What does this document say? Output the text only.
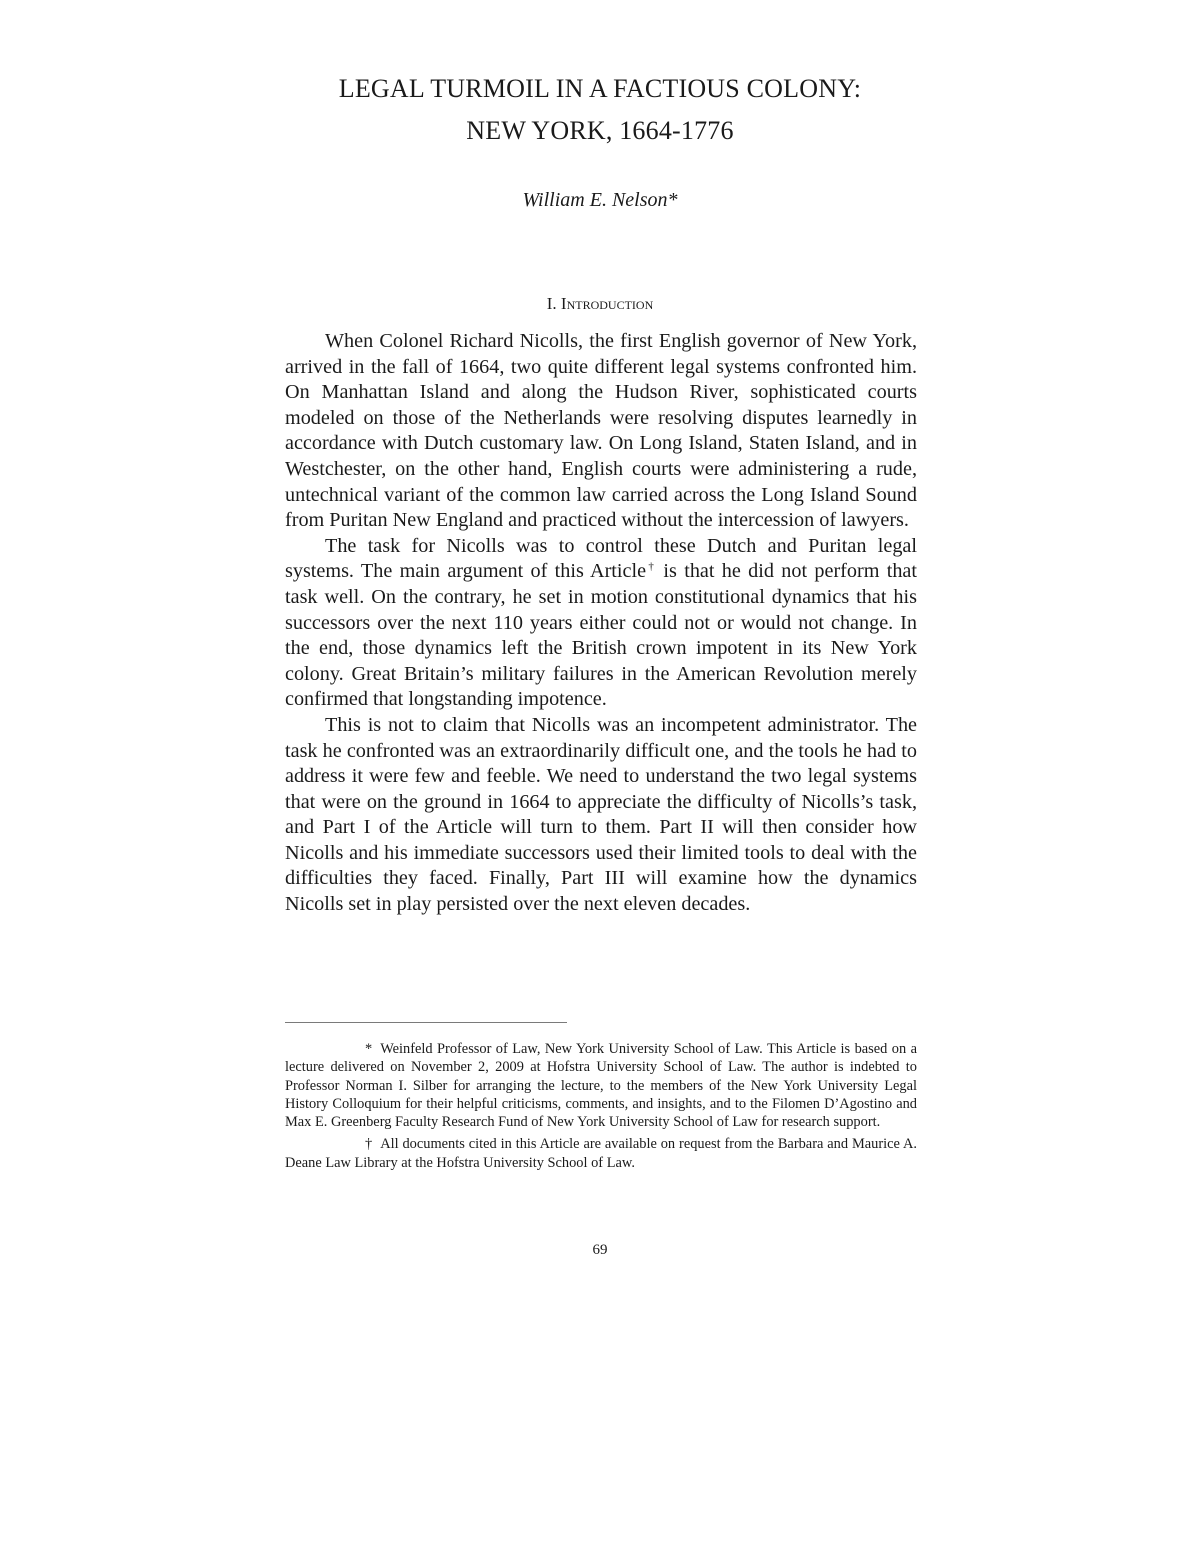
LEGAL TURMOIL IN A FACTIOUS COLONY:
NEW YORK, 1664-1776
William E. Nelson*
I. Introduction

When Colonel Richard Nicolls, the first English governor of New York, arrived in the fall of 1664, two quite different legal systems confronted him. On Manhattan Island and along the Hudson River, sophisticated courts modeled on those of the Netherlands were resolving disputes learnedly in accordance with Dutch customary law. On Long Island, Staten Island, and in Westchester, on the other hand, English courts were administering a rude, untechnical variant of the common law carried across the Long Island Sound from Puritan New England and practiced without the intercession of lawyers.

The task for Nicolls was to control these Dutch and Puritan legal systems. The main argument of this Article† is that he did not perform that task well. On the contrary, he set in motion constitutional dynamics that his successors over the next 110 years either could not or would not change. In the end, those dynamics left the British crown impotent in its New York colony. Great Britain’s military failures in the American Revolution merely confirmed that longstanding impotence.

This is not to claim that Nicolls was an incompetent administrator. The task he confronted was an extraordinarily difficult one, and the tools he had to address it were few and feeble. We need to understand the two legal systems that were on the ground in 1664 to appreciate the difficulty of Nicolls’s task, and Part I of the Article will turn to them. Part II will then consider how Nicolls and his immediate successors used their limited tools to deal with the difficulties they faced. Finally, Part III will examine how the dynamics Nicolls set in play persisted over the next eleven decades.

* Weinfeld Professor of Law, New York University School of Law. This Article is based on a lecture delivered on November 2, 2009 at Hofstra University School of Law. The author is indebted to Professor Norman I. Silber for arranging the lecture, to the members of the New York University Legal History Colloquium for their helpful criticisms, comments, and insights, and to the Filomen D’Agostino and Max E. Greenberg Faculty Research Fund of New York University School of Law for research support.

† All documents cited in this Article are available on request from the Barbara and Maurice A. Deane Law Library at the Hofstra University School of Law.

69
